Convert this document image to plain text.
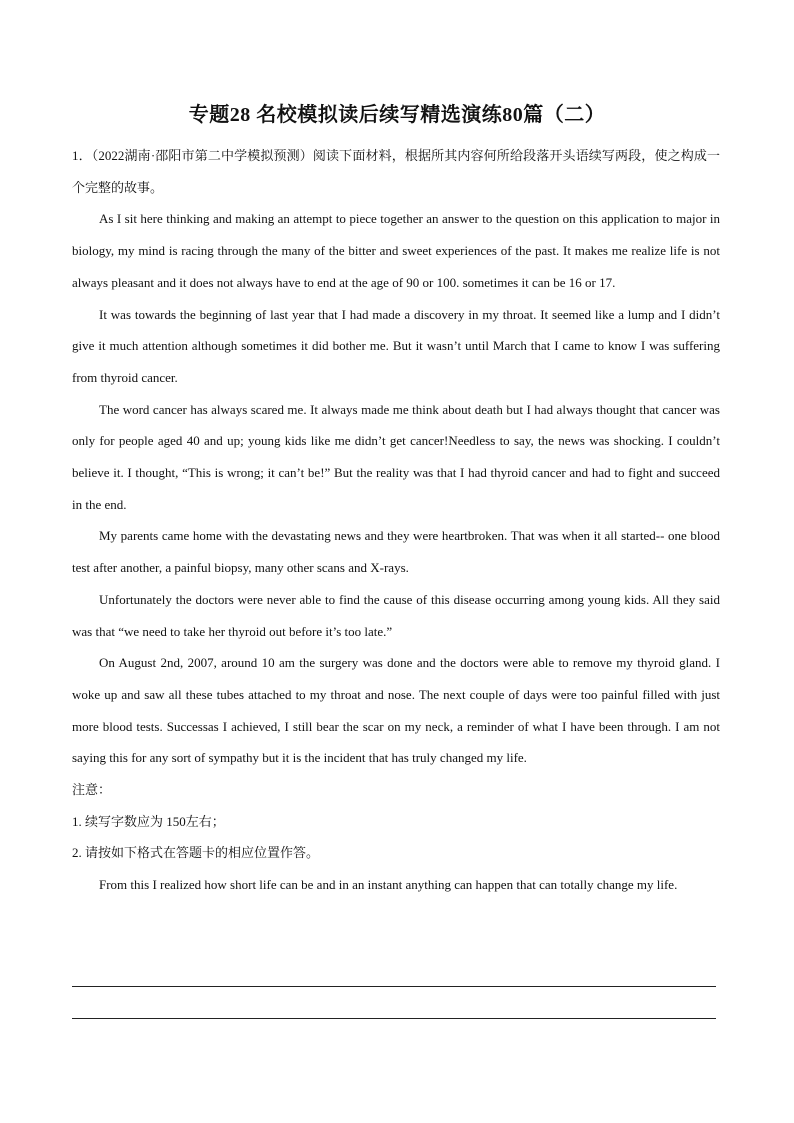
专题28 名校模拟读后续写精选演练80篇（二）

1．（2022湖南·邵阳市第二中学模拟预测）阅读下面材料，根据所其内容何所给段落开头语续写两段，使之构成一个完整的故事。

As I sit here thinking and making an attempt to piece together an answer to the question on this application to major in biology, my mind is racing through the many of the bitter and sweet experiences of the past. It makes me realize life is not always pleasant and it does not always have to end at the age of 90 or 100. sometimes it can be 16 or 17.

It was towards the beginning of last year that I had made a discovery in my throat. It seemed like a lump and I didn’t give it much attention although sometimes it did bother me. But it wasn’t until March that I came to know I was suffering from thyroid cancer.

The word cancer has always scared me. It always made me think about death but I had always thought that cancer was only for people aged 40 and up; young kids like me didn’t get cancer!Needless to say, the news was shocking. I couldn’t believe it. I thought, “This is wrong; it can’t be!” But the reality was that I had thyroid cancer and had to fight and succeed in the end.

My parents came home with the devastating news and they were heartbroken. That was when it all started-- one blood test after another, a painful biopsy, many other scans and X-rays.

Unfortunately the doctors were never able to find the cause of this disease occurring among young kids. All they said was that “we need to take her thyroid out before it’s too late.”

On August 2nd, 2007, around 10 am the surgery was done and the doctors were able to remove my thyroid gland. I woke up and saw all these tubes attached to my throat and nose. The next couple of days were too painful filled with just more blood tests. Successas I achieved, I still bear the scar on my neck, a reminder of what I have been through. I am not saying this for any sort of sympathy but it is the incident that has truly changed my life.

注意：

1. 续写字数应为 150左右；

2. 请按如下格式在答题卡的相应位置作答。

From this I realized how short life can be and in an instant anything can happen that can totally change my life.
